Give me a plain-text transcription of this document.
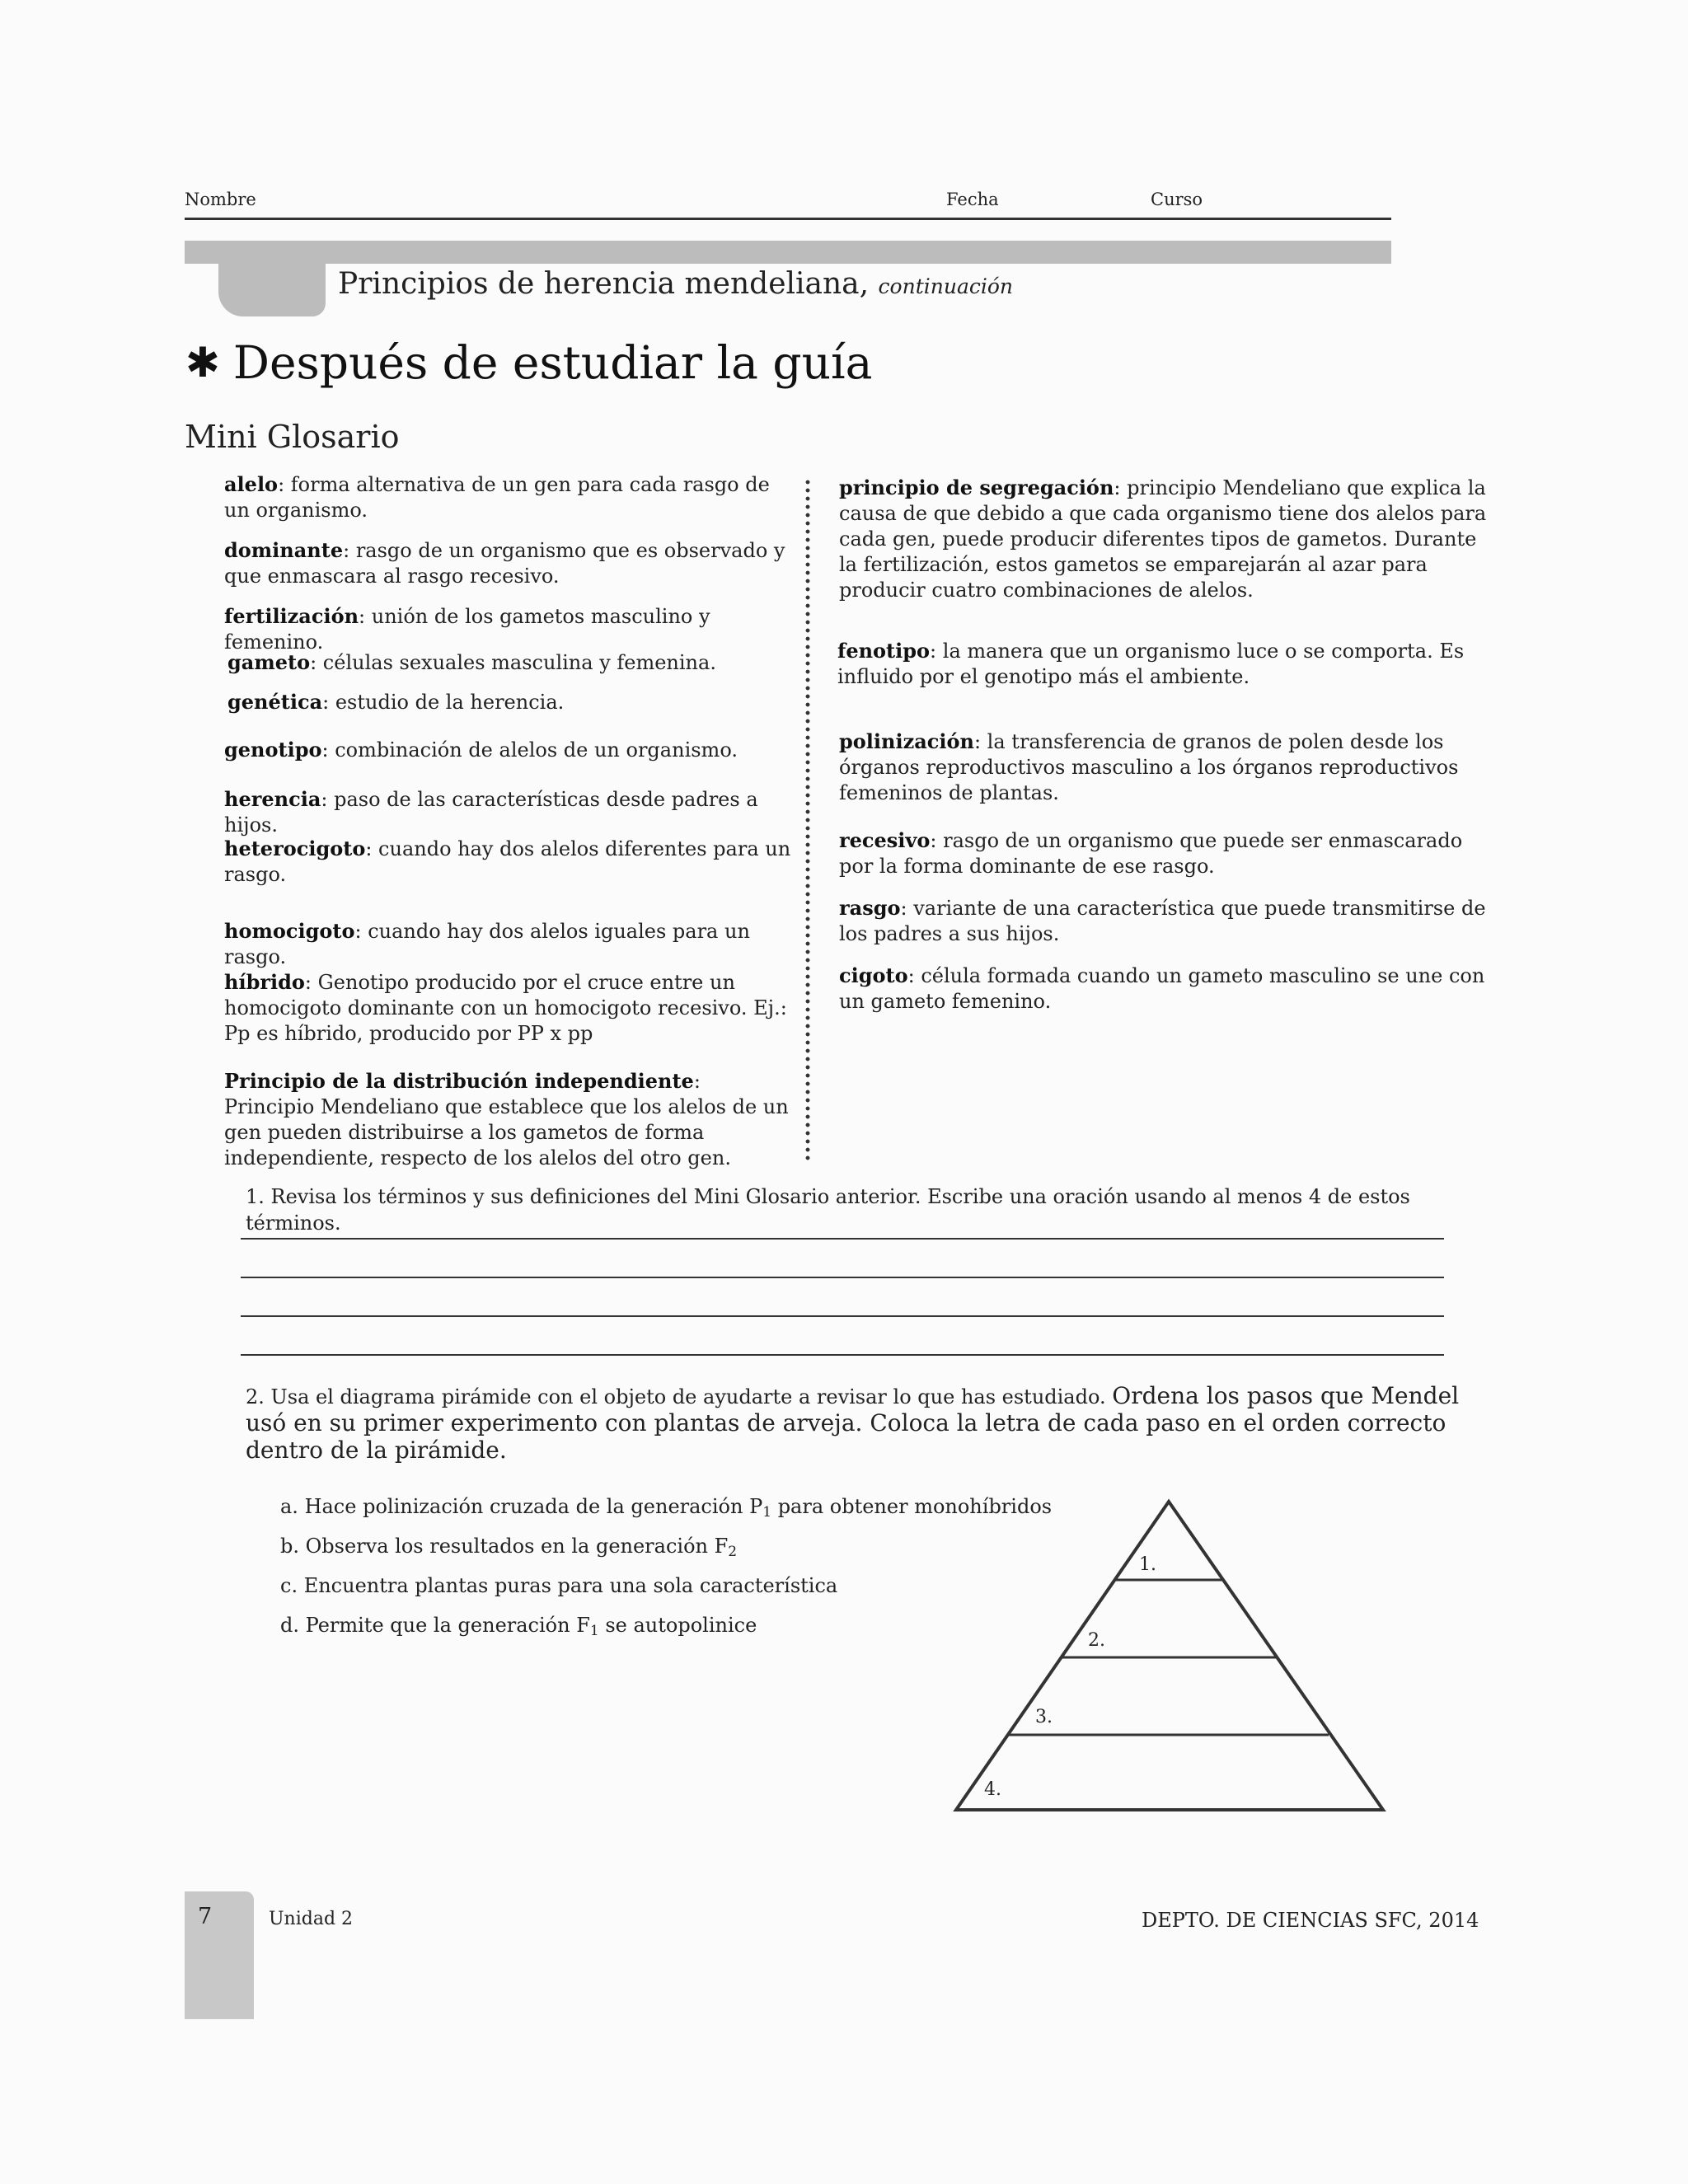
Nombre	Fecha	Curso
Principios de herencia mendeliana, continuación
✱ Después de estudiar la guía
Mini Glosario
alelo: forma alternativa de un gen para cada rasgo de un organismo.
dominante: rasgo de un organismo que es observado y que enmascara al rasgo recesivo.
fertilización: unión de los gametos masculino y femenino.
gameto: células sexuales masculina y femenina.
genética: estudio de la herencia.
genotipo: combinación de alelos de un organismo.
herencia: paso de las características desde padres a hijos.
heterocigoto: cuando hay dos alelos diferentes para un rasgo.
homocigoto: cuando hay dos alelos iguales para un rasgo.
híbrido: Genotipo producido por el cruce entre un homocigoto dominante con un homocigoto recesivo. Ej.: Pp es híbrido, producido por PP x pp
Principio de la distribución independiente: Principio Mendeliano que establece que los alelos de un gen pueden distribuirse a los gametos de forma independiente, respecto de los alelos del otro gen.
principio de segregación: principio Mendeliano que explica la causa de que debido a que cada organismo tiene dos alelos para cada gen, puede producir diferentes tipos de gametos. Durante la fertilización, estos gametos se emparejarán al azar para producir cuatro combinaciones de alelos.
fenotipo: la manera que un organismo luce o se comporta. Es influido por el genotipo más el ambiente.
polinización: la transferencia de granos de polen desde los órganos reproductivos masculino a los órganos reproductivos femeninos de plantas.
recesivo: rasgo de un organismo que puede ser enmascarado por la forma dominante de ese rasgo.
rasgo: variante de una característica que puede transmitirse de los padres a sus hijos.
cigoto: célula formada cuando un gameto masculino se une con un gameto femenino.
1. Revisa los términos y sus definiciones del Mini Glosario anterior. Escribe una oración usando al menos 4 de estos términos.
2. Usa el diagrama pirámide con el objeto de ayudarte a revisar lo que has estudiado. Ordena los pasos que Mendel usó en su primer experimento con plantas de arveja. Coloca la letra de cada paso en el orden correcto dentro de la pirámide.
a. Hace polinización cruzada de la generación $P_1$ para obtener monohíbridos
b. Observa los resultados en la generación $F_2$
c. Encuentra plantas puras para una sola característica
d. Permite que la generación $F_1$ se autopolinice
1.
2.
3.
4.
7	Unidad 2	DEPTO. DE CIENCIAS SFC, 2014
